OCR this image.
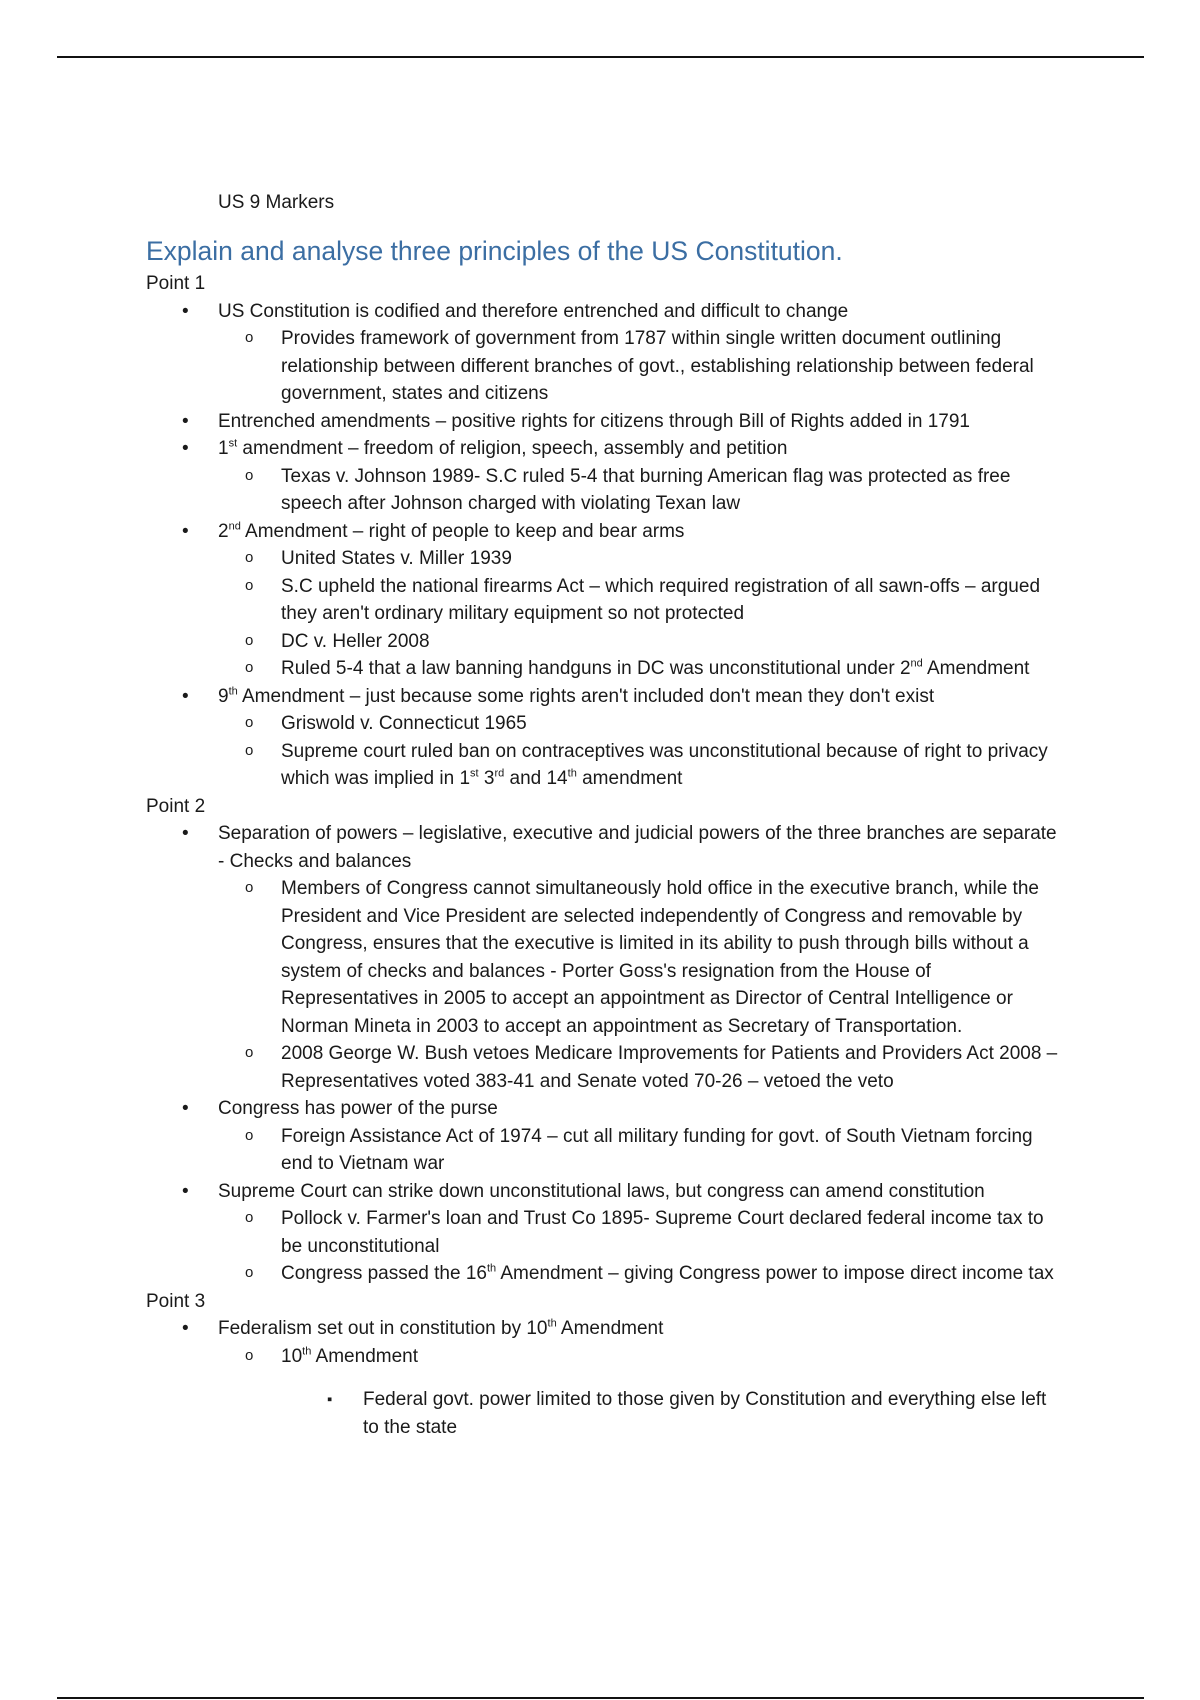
US 9 Markers
Explain and analyse three principles of the US Constitution.
Point 1
• US Constitution is codified and therefore entrenched and difficult to change
o Provides framework of government from 1787 within single written document outlining relationship between different branches of govt., establishing relationship between federal government, states and citizens
• Entrenched amendments – positive rights for citizens through Bill of Rights added in 1791
• 1st amendment – freedom of religion, speech, assembly and petition
o Texas v. Johnson 1989- S.C ruled 5-4 that burning American flag was protected as free speech after Johnson charged with violating Texan law
• 2nd Amendment – right of people to keep and bear arms
o United States v. Miller 1939
o S.C upheld the national firearms Act – which required registration of all sawn-offs – argued they aren't ordinary military equipment so not protected
o DC v. Heller 2008
o Ruled 5-4 that a law banning handguns in DC was unconstitutional under 2nd Amendment
• 9th Amendment – just because some rights aren't included don't mean they don't exist
o Griswold v. Connecticut 1965
o Supreme court ruled ban on contraceptives was unconstitutional because of right to privacy which was implied in 1st 3rd and 14th amendment
Point 2
• Separation of powers – legislative, executive and judicial powers of the three branches are separate - Checks and balances
o Members of Congress cannot simultaneously hold office in the executive branch, while the President and Vice President are selected independently of Congress and removable by Congress, ensures that the executive is limited in its ability to push through bills without a system of checks and balances - Porter Goss's resignation from the House of Representatives in 2005 to accept an appointment as Director of Central Intelligence or Norman Mineta in 2003 to accept an appointment as Secretary of Transportation.
o 2008 George W. Bush vetoes Medicare Improvements for Patients and Providers Act 2008 – Representatives voted 383-41 and Senate voted 70-26 – vetoed the veto
• Congress has power of the purse
o Foreign Assistance Act of 1974 – cut all military funding for govt. of South Vietnam forcing end to Vietnam war
• Supreme Court can strike down unconstitutional laws, but congress can amend constitution
o Pollock v. Farmer's loan and Trust Co 1895- Supreme Court declared federal income tax to be unconstitutional
o Congress passed the 16th Amendment – giving Congress power to impose direct income tax
Point 3
• Federalism set out in constitution by 10th Amendment
o 10th Amendment
▪ Federal govt. power limited to those given by Constitution and everything else left to the state
